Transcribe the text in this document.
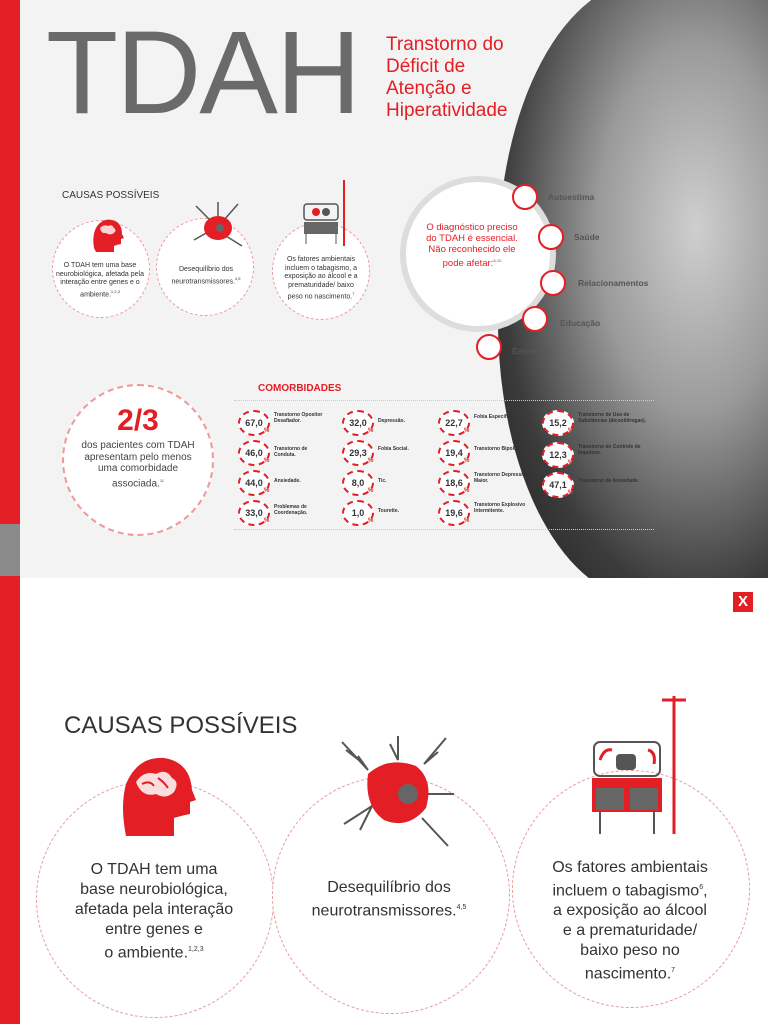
TDAH Transtorno do
Déficit de
Atenção e
Hiperatividade
CAUSAS POSSÍVEIS
O TDAH tem uma base neurobiológica, afetada pela interação entre genes e o ambiente.$^{1,2,3}$
Desequilíbrio dos neurotransmissores.$^{4,5}$
Os fatores ambientais incluem o tabagismo, a exposição ao álcool e a prematuridade/ baixo peso no nascimento.$^7$
O diagnóstico preciso do TDAH é essencial. Não reconhecido ele pode afetar:$^{8-10}$
Autoestima
Saúde
Relacionamentos
Educação
Emprego
2/3
dos pacientes com TDAH apresentam pelo menos uma comorbidade associada.$^{11}$
COMORBIDADES
67,0
%
Transtorno Opositor Desafiador.
46,0
%
Transtorno de Conduta.
44,0
%
Ansiedade.
33,0
%
Problemas de Coordenação.
32,0
%
Depressão.
29,3
%
Fobia Social.
8,0
%
Tic.
1,0
%
Tourette.
22,7
%
Fobia Específica.
19,4
%
Transtorno Bipolar.
18,6
%
Transtorno Depressivo Maior.
19,6
%
Transtorno Explosivo Intermitente.
15,2
%
Transtorno de Uso de Substâncias (álcool/drogas).
12,3
%
Transtorno de Controle de Impulsos.
47,1
%
Transtorno de Ansiedade.
X
CAUSAS POSSÍVEIS
O TDAH tem uma
base neurobiológica,
afetada pela interação
entre genes e
o ambiente.$^{1,2,3}$
Desequilíbrio dos
neurotransmissores.$^{4,5}$
Os fatores ambientais
incluem o tabagismo$^6$,
a exposição ao álcool
e a prematuridade/
baixo peso no
nascimento.$^7$
